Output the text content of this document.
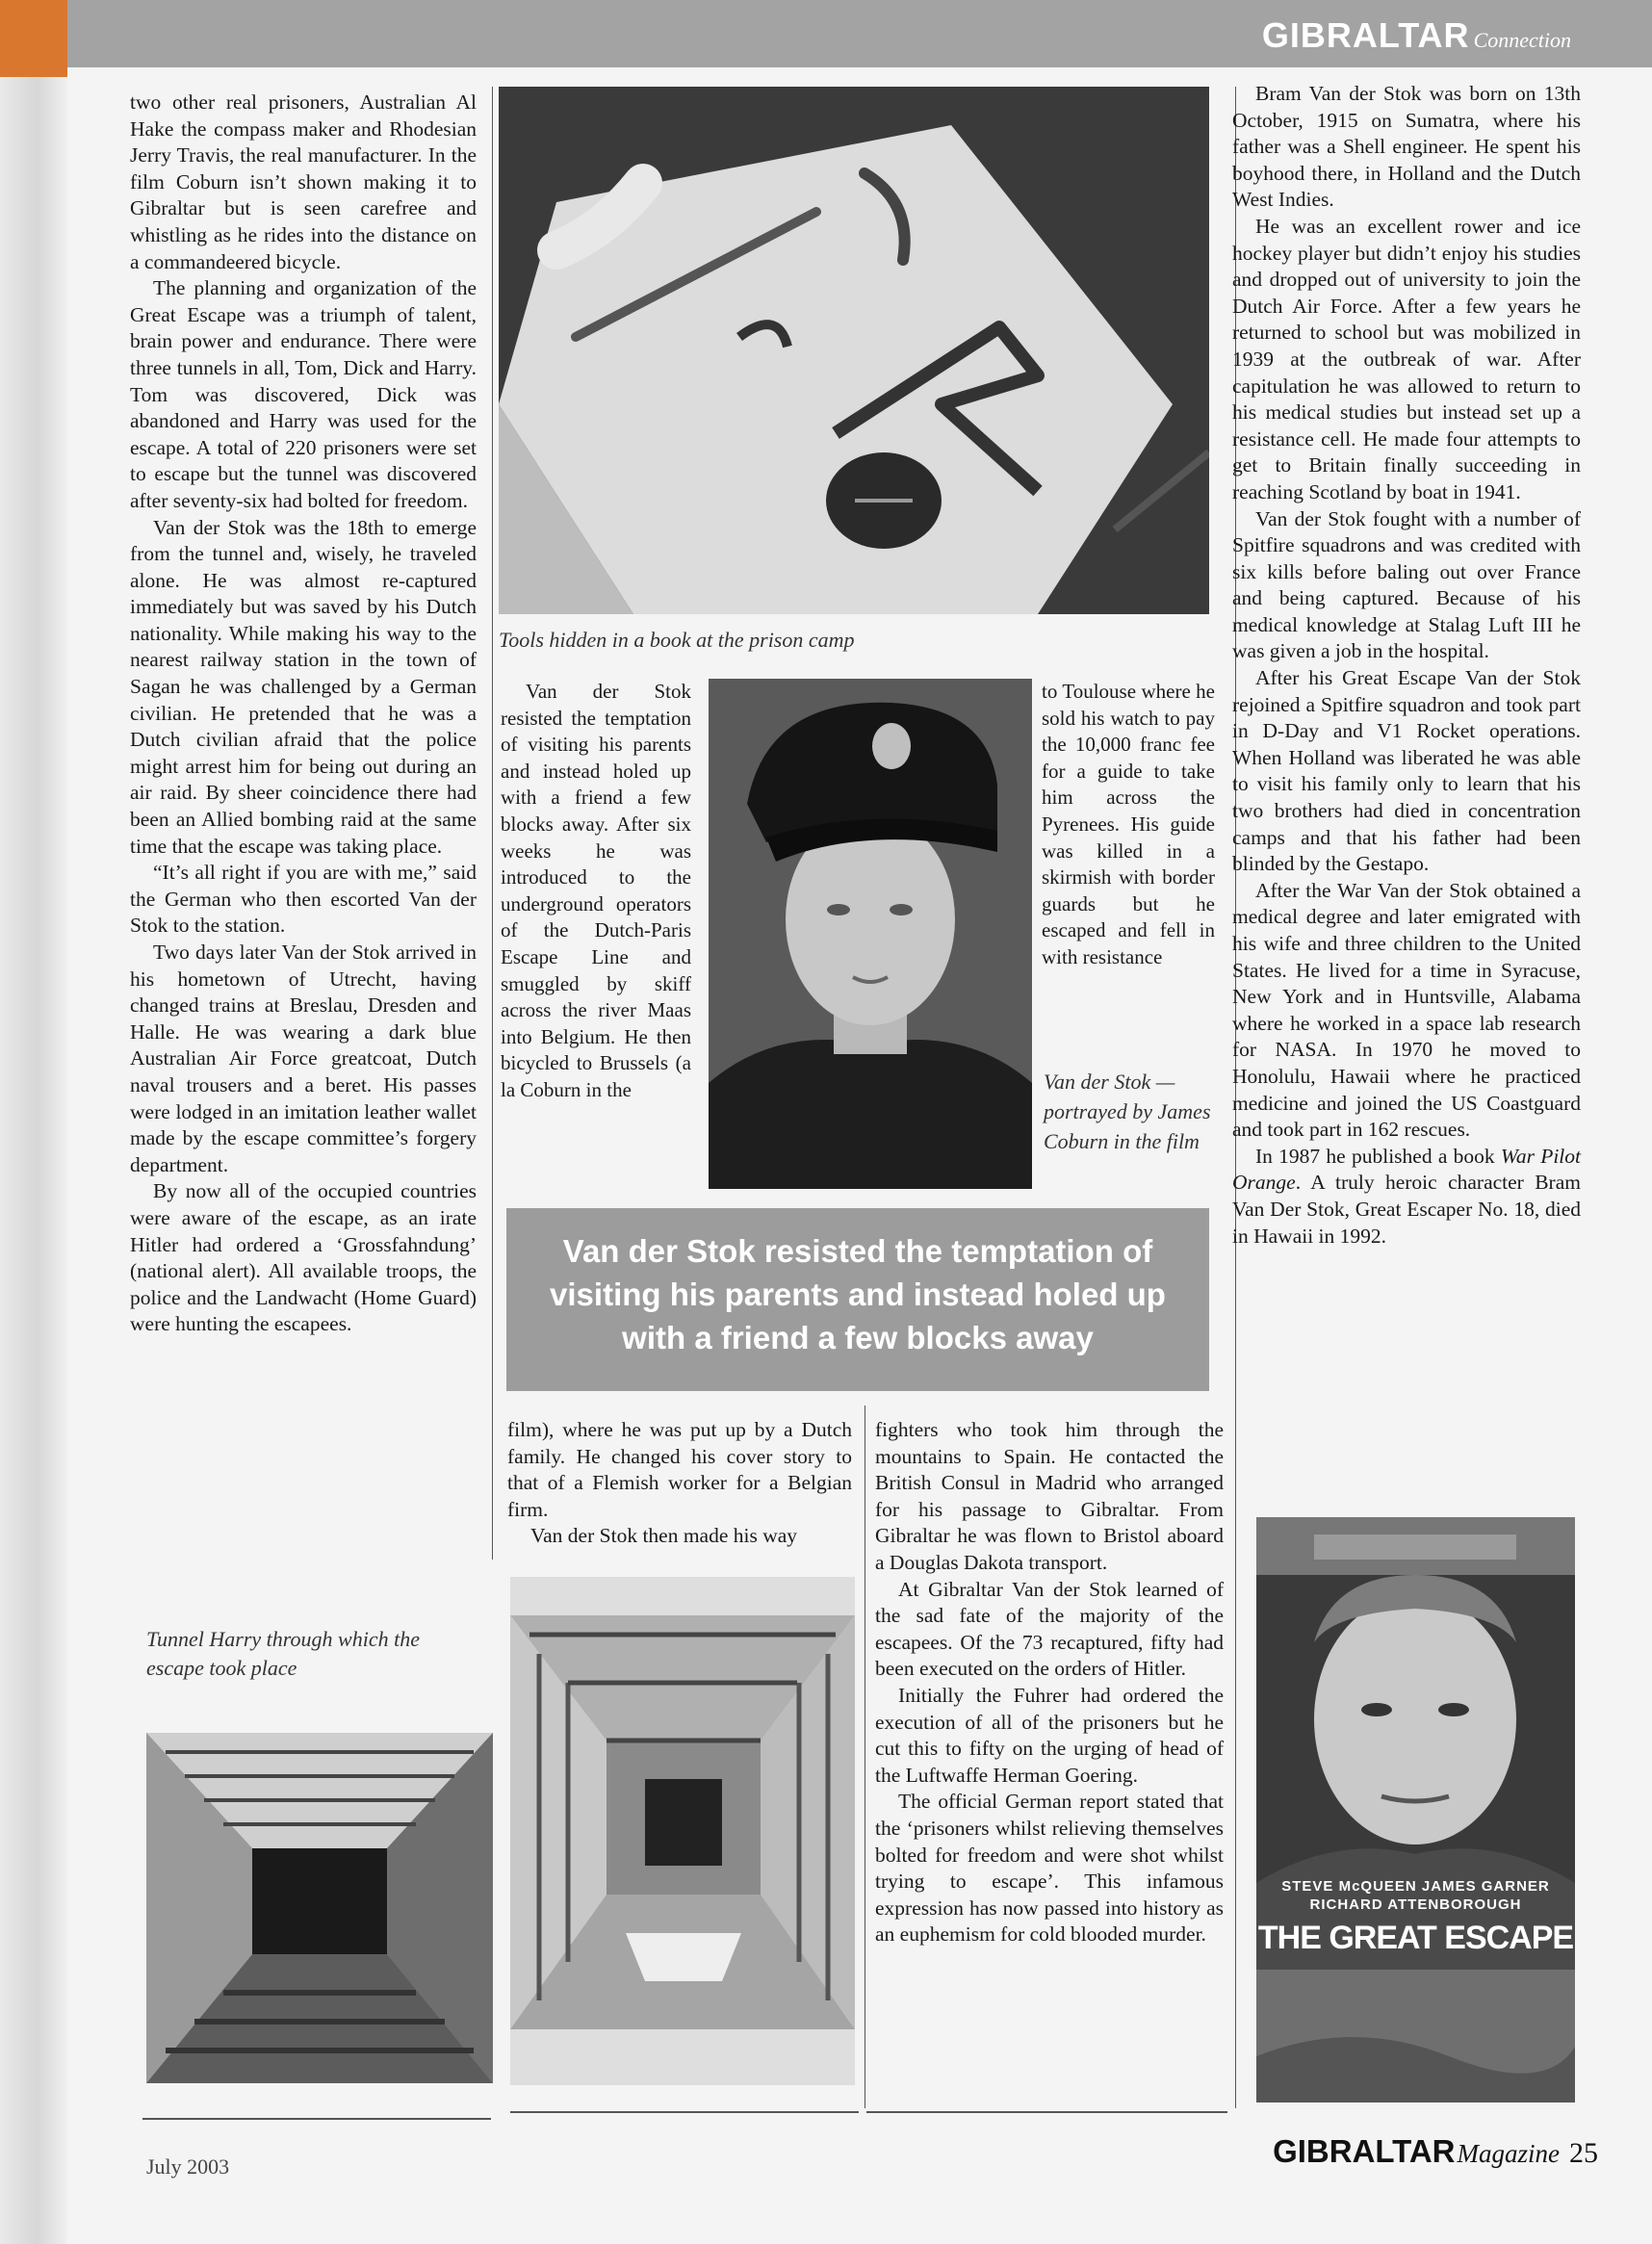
GIBRALTAR Connection

two other real prisoners, Australian Al Hake the compass maker and Rhodesian Jerry Travis, the real manufacturer. In the film Coburn isn’t shown making it to Gibraltar but is seen carefree and whistling as he rides into the distance on a commandeered bicycle.

The planning and organization of the Great Escape was a triumph of talent, brain power and endurance. There were three tunnels in all, Tom, Dick and Harry. Tom was discovered, Dick was abandoned and Harry was used for the escape. A total of 220 prisoners were set to escape but the tunnel was discovered after seventy-six had bolted for freedom.

Van der Stok was the 18th to emerge from the tunnel and, wisely, he traveled alone. He was almost re-captured immediately but was saved by his Dutch nationality. While making his way to the nearest railway station in the town of Sagan he was challenged by a German civilian. He pretended that he was a Dutch civilian afraid that the police might arrest him for being out during an air raid. By sheer coincidence there had been an Allied bombing raid at the same time that the escape was taking place.

“It’s all right if you are with me,” said the German who then escorted Van der Stok to the station.

Two days later Van der Stok arrived in his hometown of Utrecht, having changed trains at Breslau, Dresden and Halle. He was wearing a dark blue Australian Air Force greatcoat, Dutch naval trousers and a beret. His passes were lodged in an imitation leather wallet made by the escape committee’s forgery department.

By now all of the occupied countries were aware of the escape, as an irate Hitler had ordered a ‘Grossfahndung’ (national alert). All available troops, the police and the Landwacht (Home Guard) were hunting the escapees.

Tools hidden in a book at the prison camp

Van der Stok resisted the temptation of visiting his parents and instead holed up with a friend a few blocks away. After six weeks he was introduced to the underground operators of the Dutch-Paris Escape Line and smuggled by skiff across the river Maas into Belgium. He then bicycled to Brussels (a la Coburn in the

to Toulouse where he sold his watch to pay the 10,000 franc fee for a guide to take him across the Pyrenees. His guide was killed in a skirmish with border guards but he escaped and fell in with resistance

Van der Stok — portrayed by James Coburn in the film
Van der Stok resisted the temptation of visiting his parents and instead holed up with a friend a few blocks away

film), where he was put up by a Dutch family. He changed his cover story to that of a Flemish worker for a Belgian firm.

Van der Stok then made his way

fighters who took him through the mountains to Spain. He contacted the British Consul in Madrid who arranged for his passage to Gibraltar. From Gibraltar he was flown to Bristol aboard a Douglas Dakota transport.

At Gibraltar Van der Stok learned of the sad fate of the majority of the escapees. Of the 73 recaptured, fifty had been executed on the orders of Hitler.

Initially the Fuhrer had ordered the execution of all of the prisoners but he cut this to fifty on the urging of head of the Luftwaffe Herman Goering.

The official German report stated that the ‘prisoners whilst relieving themselves bolted for freedom and were shot whilst trying to escape’. This infamous expression has now passed into history as an euphemism for cold blooded murder.

Bram Van der Stok was born on 13th October, 1915 on Sumatra, where his father was a Shell engineer. He spent his boyhood there, in Holland and the Dutch West Indies.

He was an excellent rower and ice hockey player but didn’t enjoy his studies and dropped out of university to join the Dutch Air Force. After a few years he returned to school but was mobilized in 1939 at the outbreak of war. After capitulation he was allowed to return to his medical studies but instead set up a resistance cell. He made four attempts to get to Britain finally succeeding in reaching Scotland by boat in 1941.

Van der Stok fought with a number of Spitfire squadrons and was credited with six kills before baling out over France and being captured. Because of his medical knowledge at Stalag Luft III he was given a job in the hospital.

After his Great Escape Van der Stok rejoined a Spitfire squadron and took part in D-Day and V1 Rocket operations. When Holland was liberated he was able to visit his family only to learn that his two brothers had died in concentration camps and that his father had been blinded by the Gestapo.

After the War Van der Stok obtained a medical degree and later emigrated with his wife and three children to the United States. He lived for a time in Syracuse, New York and in Huntsville, Alabama where he worked in a space lab research for NASA. In 1970 he moved to Honolulu, Hawaii where he practiced medicine and joined the US Coastguard and took part in 162 rescues.

In 1987 he published a book War Pilot Orange. A truly heroic character Bram Van Der Stok, Great Escaper No. 18, died in Hawaii in 1992.

Tunnel Harry through which the escape took place
STEVE McQUEEN JAMES GARNER
RICHARD ATTENBOROUGH
THE GREAT ESCAPE
July 2003	GIBRALTARMagazine 25
